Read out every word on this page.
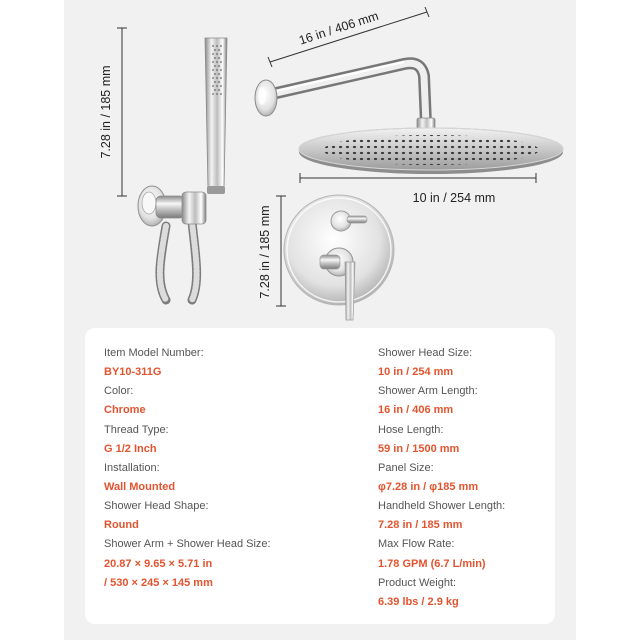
7.28 in / 185 mm
16 in / 406 mm
10 in / 254 mm
·
7.28 in / 185 mm
Item Model Number:
BY10-311G
Color:
Chrome
Thread Type:
G 1/2 Inch
Installation:
Wall Mounted
Shower Head Shape:
Round
Shower Arm + Shower Head Size:
20.87 × 9.65 × 5.71 in
/ 530 × 245 × 145 mm
Shower Head Size:
10 in / 254 mm
Shower Arm Length:
16 in / 406 mm
Hose Length:
59 in / 1500 mm
Panel Size:
φ7.28 in / φ185 mm
Handheld Shower Length:
7.28 in / 185 mm
Max Flow Rate:
1.78 GPM (6.7 L/min)
Product Weight:
6.39 lbs / 2.9 kg
